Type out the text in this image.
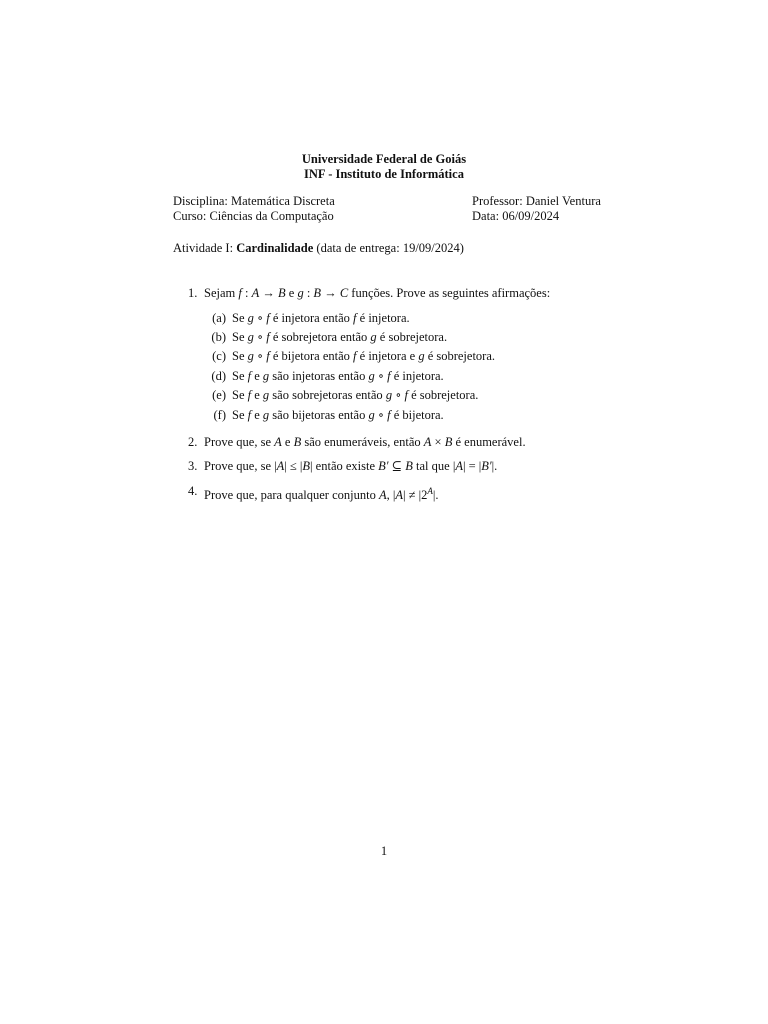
Universidade Federal de Goiás
INF - Instituto de Informática
Disciplina: Matemática Discreta
Curso: Ciências da Computação
Professor: Daniel Ventura
Data: 06/09/2024
Atividade I: Cardinalidade (data de entrega: 19/09/2024)
1. Sejam f : A → B e g : B → C funções. Prove as seguintes afirmações:
(a) Se g ∘ f é injetora então f é injetora.
(b) Se g ∘ f é sobrejetora então g é sobrejetora.
(c) Se g ∘ f é bijetora então f é injetora e g é sobrejetora.
(d) Se f e g são injetoras então g ∘ f é injetora.
(e) Se f e g são sobrejetoras então g ∘ f é sobrejetora.
(f) Se f e g são bijetoras então g ∘ f é bijetora.
2. Prove que, se A e B são enumeráveis, então A × B é enumerável.
3. Prove que, se |A| ≤ |B| então existe B′ ⊆ B tal que |A| = |B′|.
4. Prove que, para qualquer conjunto A, $|A| \ne |2^A|$.
1
